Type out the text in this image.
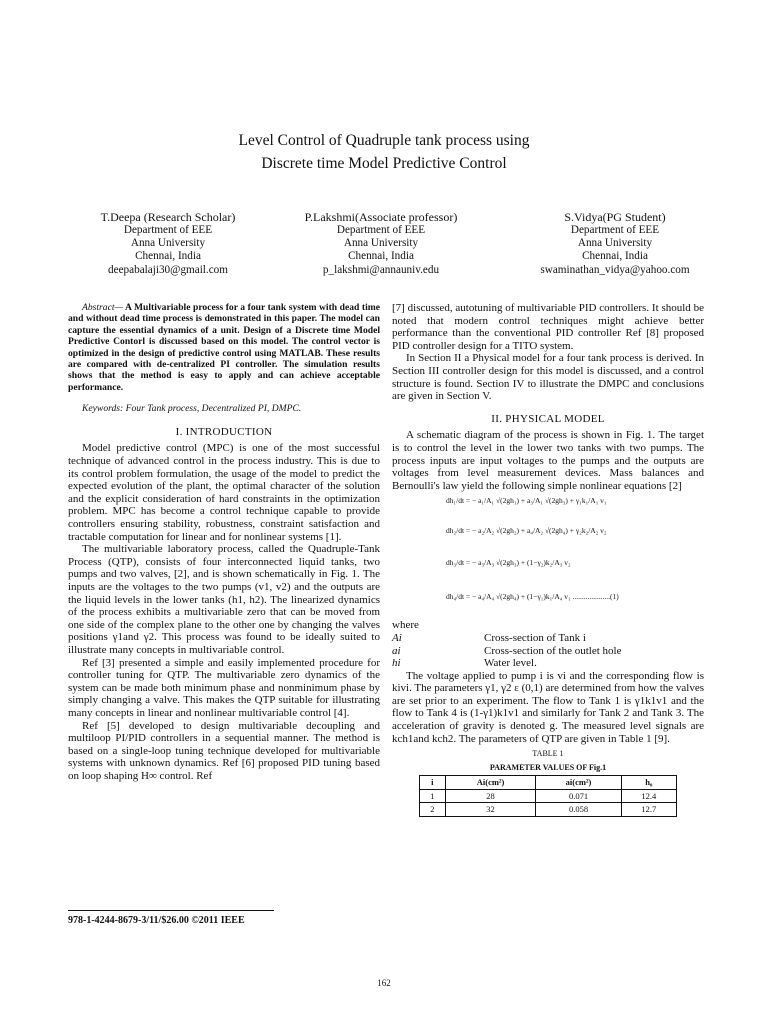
Level Control of Quadruple tank process using
Discrete time Model Predictive Control
T.Deepa (Research Scholar)
Department of EEE
Anna University
Chennai, India
deepabalaji30@gmail.com
P.Lakshmi(Associate professor)
Department of EEE
Anna University
Chennai, India
p_lakshmi@annauniv.edu
S.Vidya(PG Student)
Department of EEE
Anna University
Chennai, India
swaminathan_vidya@yahoo.com

Abstract— A Multivariable process for a four tank system with dead time and without dead time process is demonstrated in this paper. The model can capture the essential dynamics of a unit. Design of a Discrete time Model Predictive Contorl is discussed based on this model. The control vector is optimized in the design of predictive control using MATLAB. These results are compared with de-centralized PI controller. The simulation results shows that the method is easy to apply and can achieve acceptable performance.

Keywords: Four Tank process, Decentralized PI, DMPC.

I. INTRODUCTION

Model predictive control (MPC) is one of the most successful technique of advanced control in the process industry. This is due to its control problem formulation, the usage of the model to predict the expected evolution of the plant, the optimal character of the solution and the explicit consideration of hard constraints in the optimization problem. MPC has become a control technique capable to provide controllers ensuring stability, robustness, constraint satisfaction and tractable computation for linear and for nonlinear systems [1].

The multivariable laboratory process, called the Quadruple-Tank Process (QTP), consists of four interconnected liquid tanks, two pumps and two valves, [2], and is shown schematically in Fig. 1. The inputs are the voltages to the two pumps (v1, v2) and the outputs are the liquid levels in the lower tanks (h1, h2). The linearized dynamics of the process exhibits a multivariable zero that can be moved from one side of the complex plane to the other one by changing the valves positions γ1and γ2. This process was found to be ideally suited to illustrate many concepts in multivariable control.

Ref [3] presented a simple and easily implemented procedure for controller tuning for QTP. The multivariable zero dynamics of the system can be made both minimum phase and nonminimum phase by simply changing a valve. This makes the QTP suitable for illustrating many concepts in linear and nonlinear multivariable control [4].

Ref [5] developed to design multivariable decoupling and multiloop PI/PID controllers in a sequential manner. The method is based on a single-loop tuning technique developed for multivariable systems with unknown dynamics. Ref [6] proposed PID tuning based on loop shaping H∞ control. Ref

[7] discussed, autotuning of multivariable PID controllers. It should be noted that modern control techniques might achieve better performance than the conventional PID controller Ref [8] proposed PID controller design for a TITO system.

In Section II a Physical model for a four tank process is derived. In Section III controller design for this model is discussed, and a control structure is found. Section IV to illustrate the DMPC and conclusions are given in Section V.

II. PHYSICAL MODEL

A schematic diagram of the process is shown in Fig. 1. The target is to control the level in the lower two tanks with two pumps. The process inputs are input voltages to the pumps and the outputs are voltages from level measurement devices. Mass balances and Bernoulli's law yield the following simple nonlinear equations [2]

dh₁/dt = − a₁/A₁ √(2gh₁) + a₃/A₁ √(2gh₃) + γ₁k₁/A₁ v₁
dh₂/dt = − a₂/A₂ √(2gh₂) + a₄/A₂ √(2gh₄) + γ₂k₂/A₂ v₂
dh₃/dt = − a₃/A₃ √(2gh₃) + (1−γ₂)k₂/A₃ v₂
dh₄/dt = − a₄/A₄ √(2gh₄) + (1−γ₁)k₁/A₄ v₁ ....................(1)
where
Ai	Cross-section of Tank i
ai	Cross-section of the outlet hole
hi	Water level.

The voltage applied to pump i is vi and the corresponding flow is kivi. The parameters γ1, γ2 ε (0,1) are determined from how the valves are set prior to an experiment. The flow to Tank 1 is γ1k1v1 and the flow to Tank 4 is (1-γ1)k1v1 and similarly for Tank 2 and Tank 3. The acceleration of gravity is denoted g. The measured level signals are kch1and kch2. The parameters of QTP are given in Table 1 [9].

TABLE 1

PARAMETER VALUES OF Fig.1

i	Ai(cm²)	ai(cm²)	h₀
1	28	0.071	12.4
2	32	0.058	12.7
978-1-4244-8679-3/11/$26.00 ©2011 IEEE
162
